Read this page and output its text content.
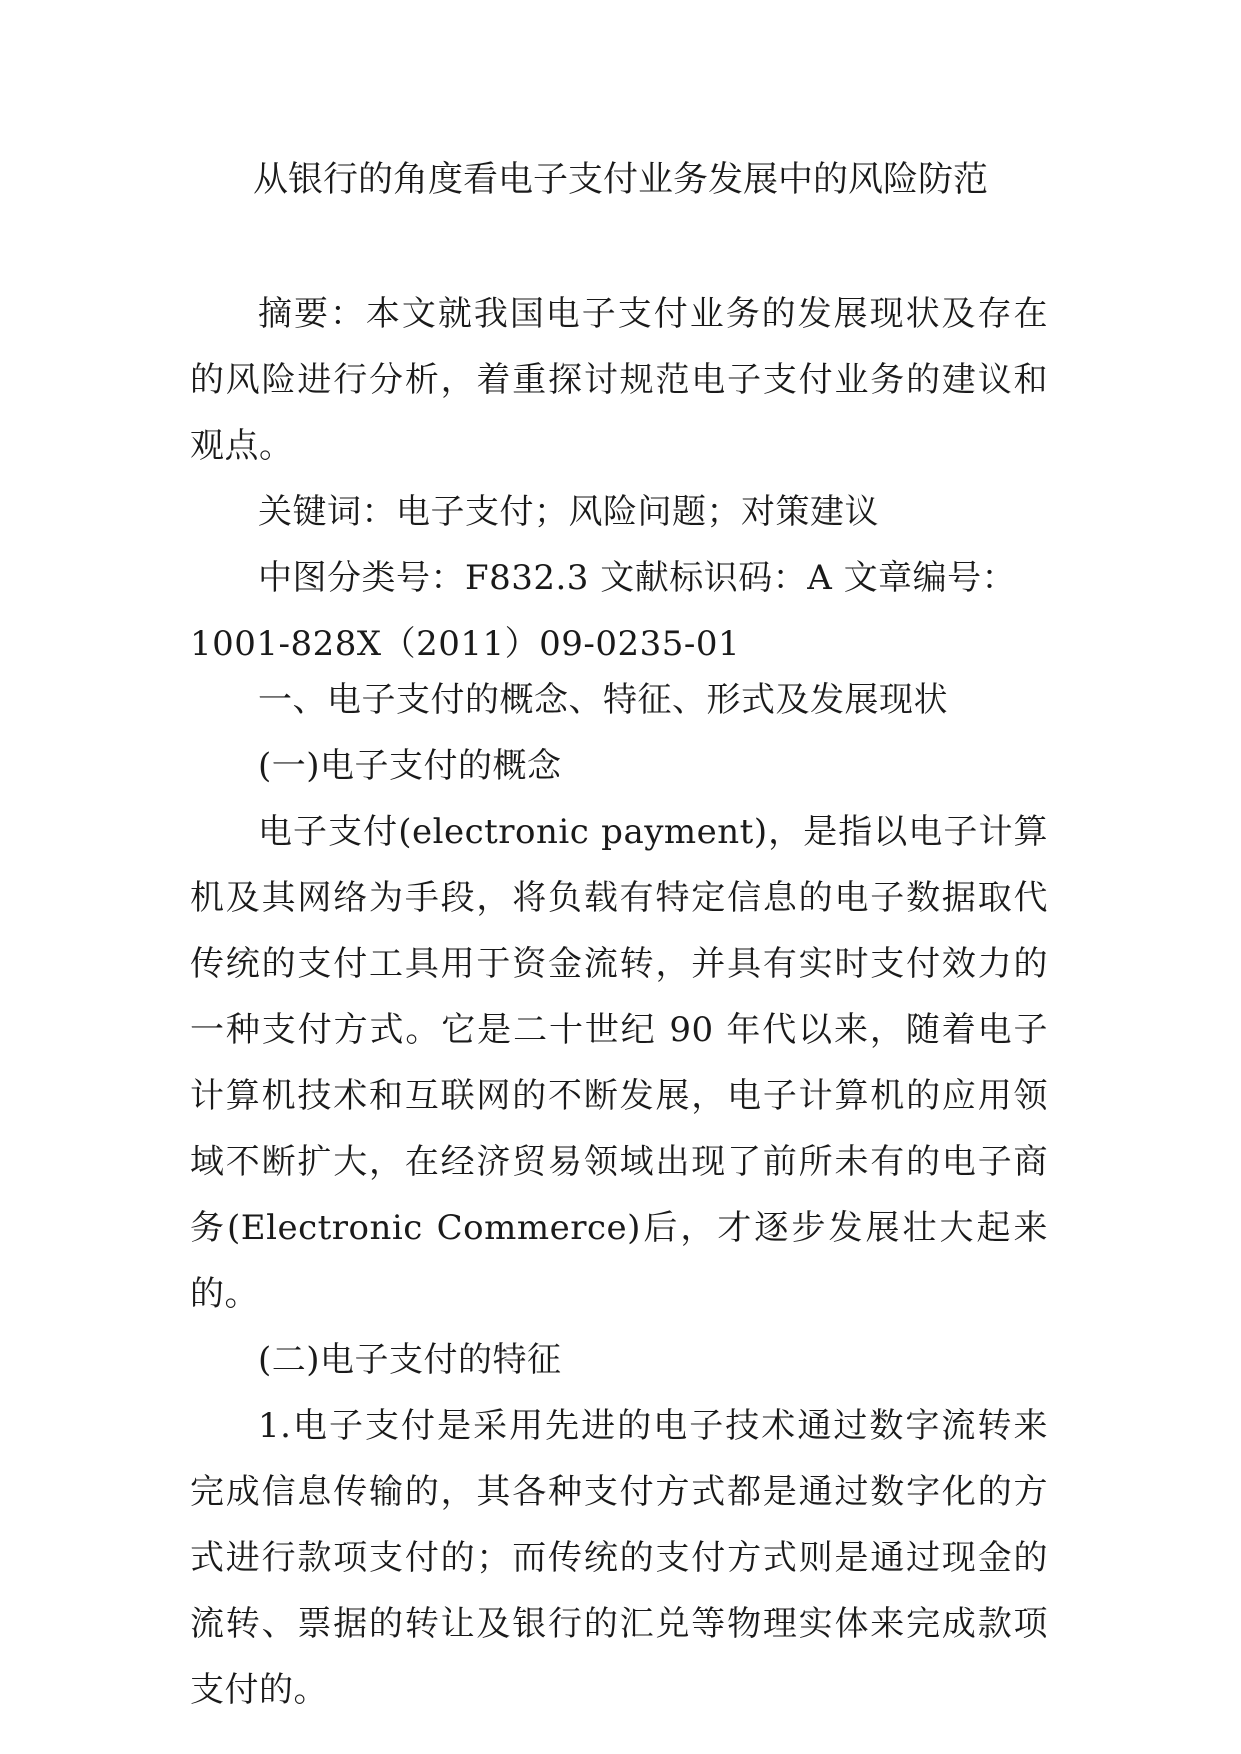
从银行的角度看电子支付业务发展中的风险防范

摘要：本文就我国电子支付业务的发展现状及存在的风险进行分析，着重探讨规范电子支付业务的建议和观点。

关键词：电子支付；风险问题；对策建议

中图分类号：F832.3 文献标识码：A 文章编号：

1001-828X（2011）09-0235-01

一、电子支付的概念、特征、形式及发展现状

(一)电子支付的概念

电子支付(electronic payment)，是指以电子计算机及其网络为手段，将负载有特定信息的电子数据取代传统的支付工具用于资金流转，并具有实时支付效力的一种支付方式。它是二十世纪 90 年代以来，随着电子计算机技术和互联网的不断发展，电子计算机的应用领域不断扩大，在经济贸易领域出现了前所未有的电子商务(Electronic Commerce)后，才逐步发展壮大起来的。

(二)电子支付的特征

1.电子支付是采用先进的电子技术通过数字流转来完成信息传输的，其各种支付方式都是通过数字化的方式进行款项支付的；而传统的支付方式则是通过现金的流转、票据的转让及银行的汇兑等物理实体来完成款项支付的。
